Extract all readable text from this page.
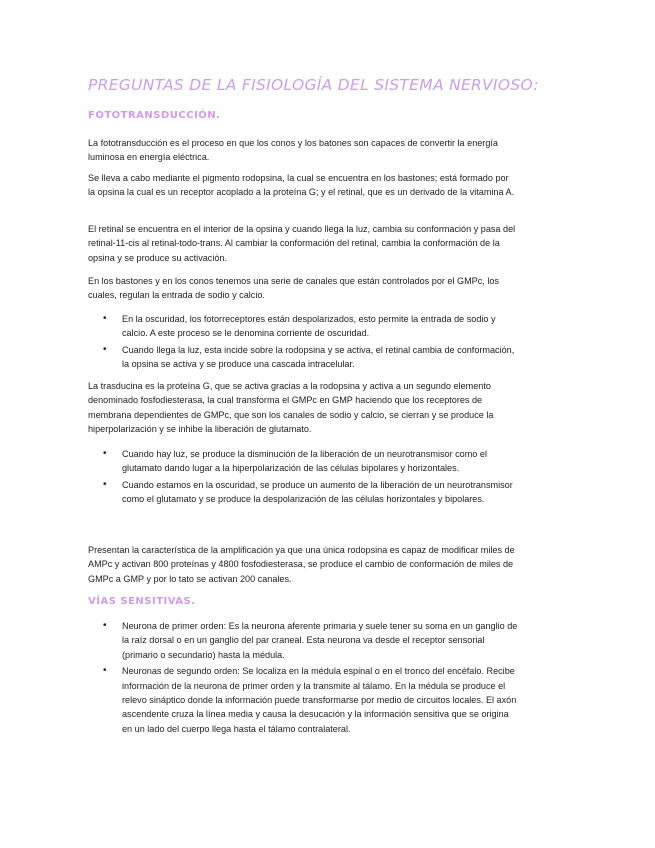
PREGUNTAS DE LA FISIOLOGÍA DEL SISTEMA NERVIOSO:
FOTOTRANSDUCCIÓN.
La fototransducción es el proceso en que los conos y los batones son capaces de convertir la energía luminosa en energía eléctrica.
Se lleva a cabo mediante el pigmento rodopsina, la cual se encuentra en los bastones; está formado por la opsina la cual es un receptor acoplado a la proteína G; y el retinal, que es un derivado de la vitamina A.
El retinal se encuentra en el interior de la opsina y cuando llega la luz, cambia su conformación y pasa del retinal-11-cis al retinal-todo-trans. Al cambiar la conformación del retinal, cambia la conformación de la opsina y se produce su activación.
En los bastones y en los conos tenemos una serie de canales que están controlados por el GMPc, los cuales, regulan la entrada de sodio y calcio.
• En la oscuridad, los fotorreceptores están despolarizados, esto permite la entrada de sodio y calcio. A este proceso se le denomina corriente de oscuridad.
• Cuando llega la luz, esta incide sobre la rodopsina y se activa, el retinal cambia de conformación, la opsina se activa y se produce una cascada intracelular.
La trasducina es la proteína G, que se activa gracias a la rodopsina y activa a un segundo elemento denominado fosfodiesterasa, la cual transforma el GMPc en GMP haciendo que los receptores de membrana dependientes de GMPc, que son los canales de sodio y calcio, se cierran y se produce la hiperpolarización y se inhibe la liberación de glutamato.
• Cuando hay luz, se produce la disminución de la liberación de un neurotransmisor como el glutamato dando lugar a la hiperpolarización de las células bipolares y horizontales.
• Cuando estamos en la oscuridad, se produce un aumento de la liberación de un neurotransmisor como el glutamato y se produce la despolarización de las células horizontales y bipolares.
Presentan la característica de la amplificación ya que una única rodopsina es capaz de modificar miles de AMPc y activan 800 proteínas y 4800 fosfodiesterasa, se produce el cambio de conformación de miles de GMPc a GMP y por lo tato se activan 200 canales.
VÍAS SENSITIVAS.
• Neurona de primer orden: Es la neurona aferente primaria y suele tener su soma en un ganglio de la raíz dorsal o en un ganglio del par craneal. Esta neurona va desde el receptor sensorial (primario o secundario) hasta la médula.
• Neuronas de segundo orden: Se localiza en la médula espinal o en el tronco del encéfalo. Recibe información de la neurona de primer orden y la transmite al tálamo. En la médula se produce el relevo sináptico donde la información puede transformarse por medio de circuitos locales. El axón ascendente cruza la línea media y causa la desucación y la información sensitiva que se origina en un lado del cuerpo llega hasta el tálamo contralateral.
